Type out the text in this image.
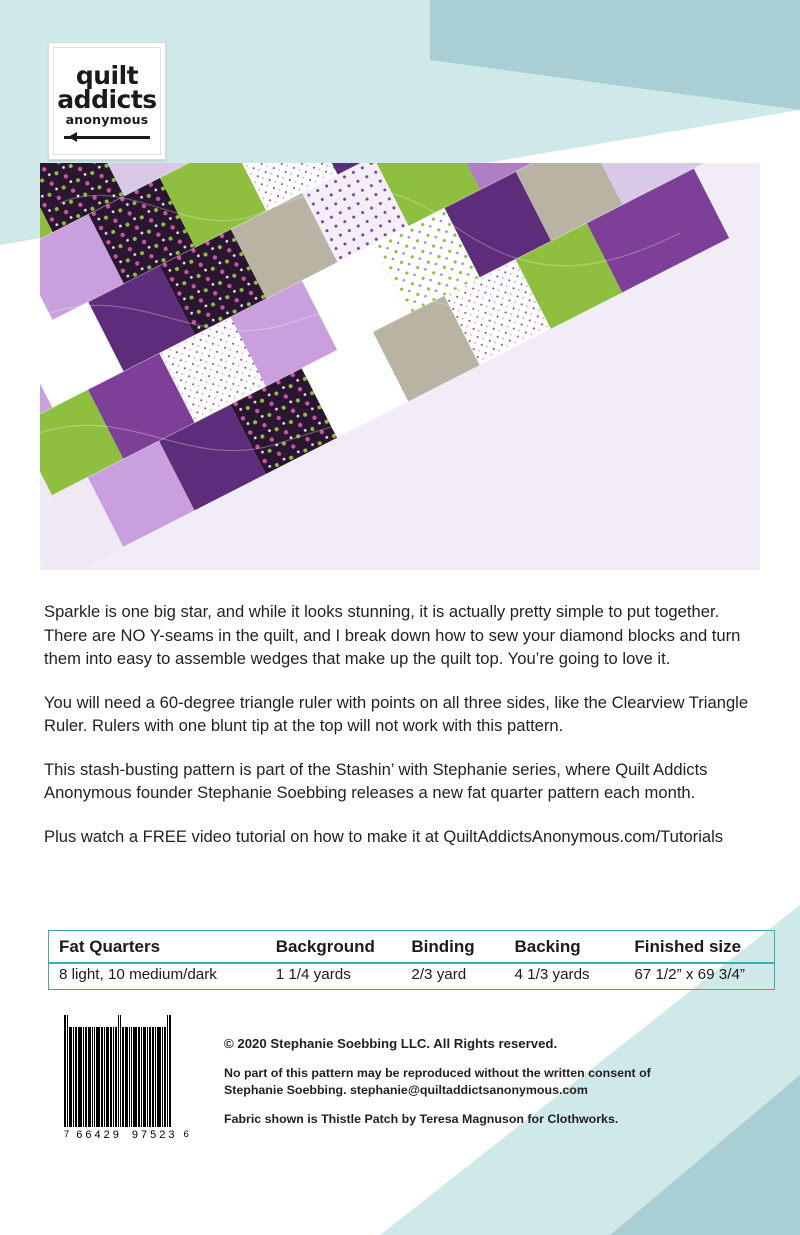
quilt
addicts
anonymous

Sparkle is one big star, and while it looks stunning, it is actually pretty simple to put together. There are NO Y-seams in the quilt, and I break down how to sew your diamond blocks and turn them into easy to assemble wedges that make up the quilt top. You’re going to love it.

You will need a 60-degree triangle ruler with points on all three sides, like the Clearview Triangle Ruler. Rulers with one blunt tip at the top will not work with this pattern.

This stash-busting pattern is part of the Stashin’ with Stephanie series, where Quilt Addicts Anonymous founder Stephanie Soebbing releases a new fat quarter pattern each month.

Plus watch a FREE video tutorial on how to make it at QuiltAddictsAnonymous.com/Tutorials

Fat Quarters	Background	Binding	Backing	Finished size
8 light, 10 medium/dark	1 1/4 yards	2/3 yard	4 1/3 yards	67 1/2” x 69 3/4”
7 66429 97523 6
© 2020 Stephanie Soebbing LLC. All Rights reserved.
No part of this pattern may be reproduced without the written consent of Stephanie Soebbing. stephanie@quiltaddictsanonymous.com
Fabric shown is Thistle Patch by Teresa Magnuson for Clothworks.
